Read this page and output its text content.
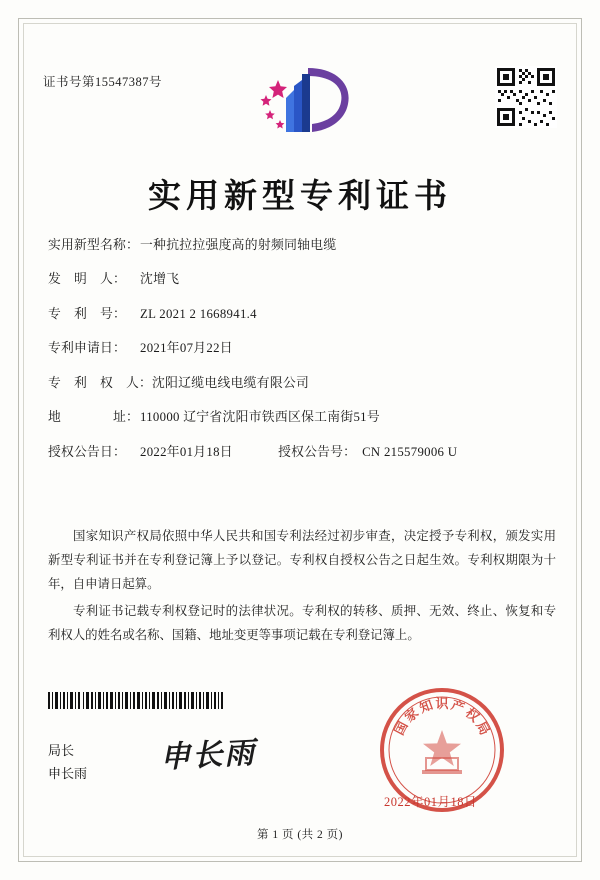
证书号第15547387号
实用新型专利证书
实用新型名称：一种抗拉拉强度高的射频同轴电缆
发　明　人： 沈增飞
专　利　号： ZL 2021 2 1668941.4
专利申请日： 2021年07月22日
专　利　权　人：沈阳辽缆电线电缆有限公司
地　　　　址：110000 辽宁省沈阳市铁西区保工南街51号
授权公告日： 2022年01月18日	授权公告号： CN 215579006 U
国家知识产权局依照中华人民共和国专利法经过初步审查，决定授予专利权，颁发实用新型专利证书并在专利登记簿上予以登记。专利权自授权公告之日起生效。专利权期限为十年，自申请日起算。
专利证书记载专利权登记时的法律状况。专利权的转移、质押、无效、终止、恢复和专利权人的姓名或名称、国籍、地址变更等事项记载在专利登记簿上。
局长
申长雨 申长雨
国
家
知 识 产
权
局
2022年01月18日
第 1 页 (共 2 页)
